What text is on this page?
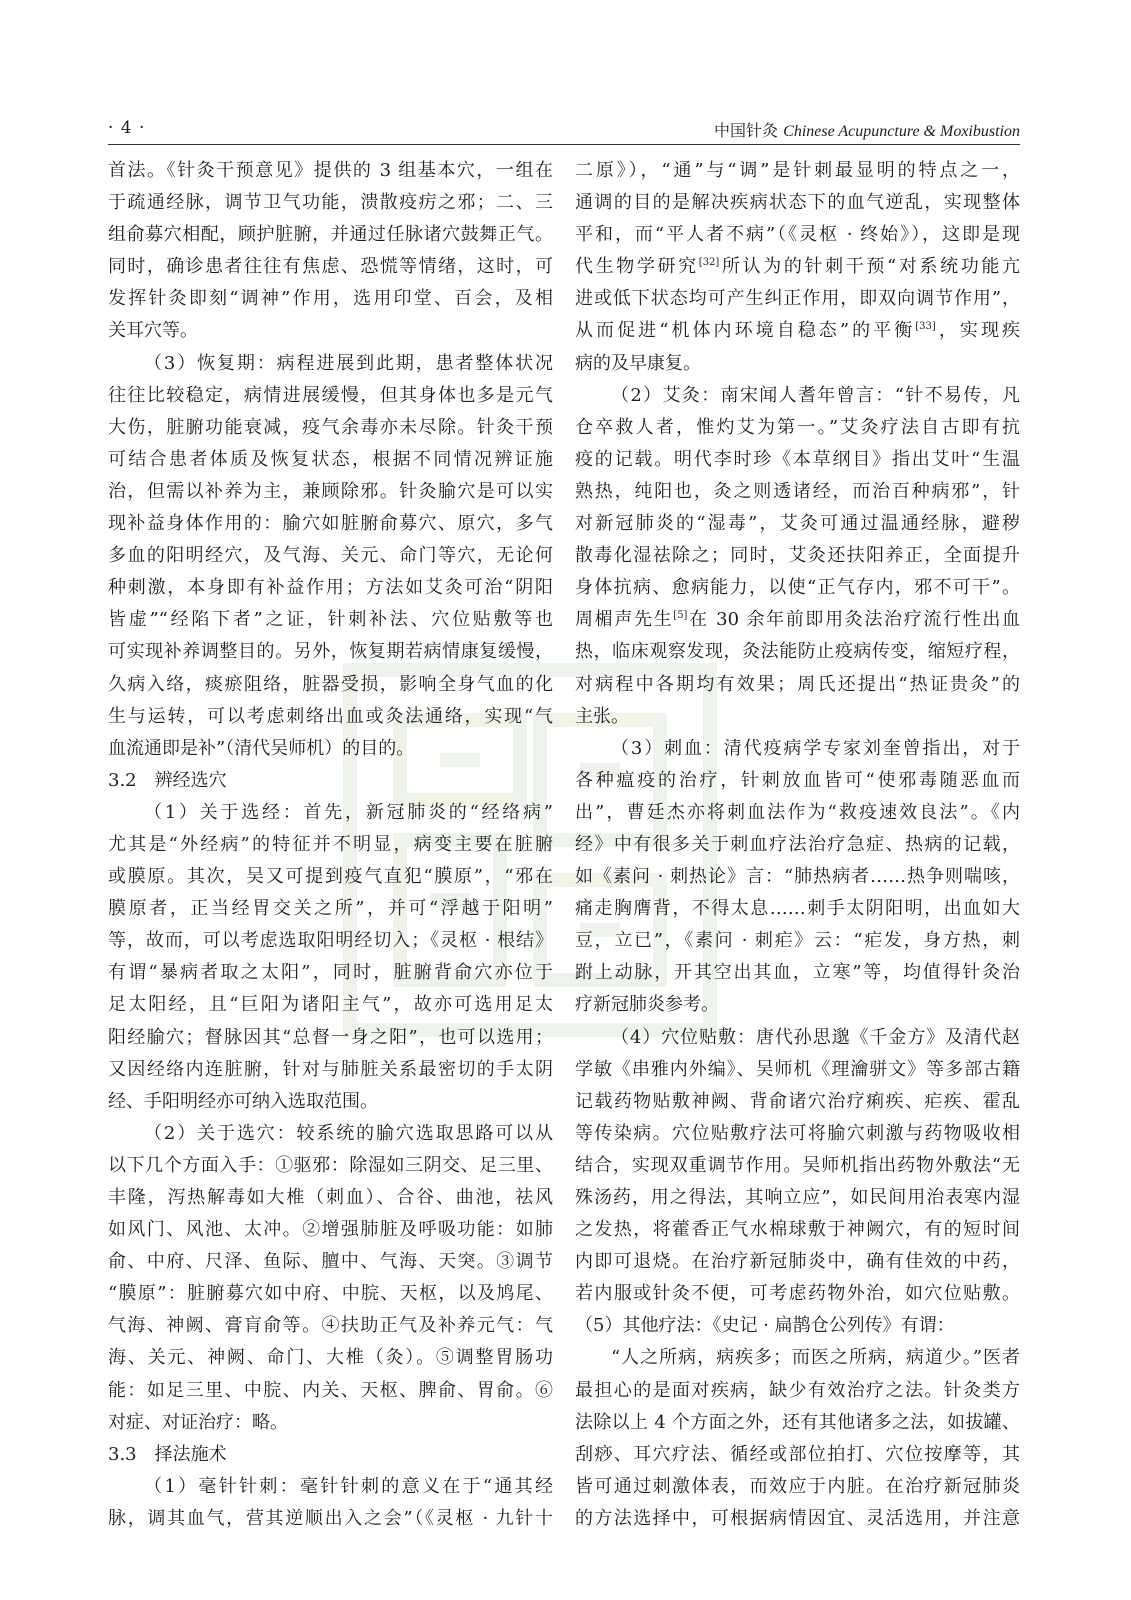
· 4 ·	中国针灸 Chinese Acupuncture & Moxibustion

首法。《针灸干预意见》提供的 3 组基本穴，一组在

于疏通经脉，调节卫气功能，溃散疫疠之邪；二、三

组俞募穴相配，顾护脏腑，并通过任脉诸穴鼓舞正气。

同时，确诊患者往往有焦虑、恐慌等情绪，这时，可

发挥针灸即刻“调神”作用，选用印堂、百会，及相

关耳穴等。

（3）恢复期：病程进展到此期，患者整体状况

往往比较稳定，病情进展缓慢，但其身体也多是元气

大伤，脏腑功能衰减，疫气余毒亦未尽除。针灸干预

可结合患者体质及恢复状态，根据不同情况辨证施

治，但需以补养为主，兼顾除邪。针灸腧穴是可以实

现补益身体作用的：腧穴如脏腑俞募穴、原穴，多气

多血的阳明经穴，及气海、关元、命门等穴，无论何

种刺激，本身即有补益作用；方法如艾灸可治“阴阳

皆虚”“经陷下者”之证，针刺补法、穴位贴敷等也

可实现补养调整目的。另外，恢复期若病情康复缓慢，

久病入络，痰瘀阻络，脏器受损，影响全身气血的化

生与运转，可以考虑刺络出血或灸法通络，实现“气

血流通即是补”（清代吴师机）的目的。

3.2　辨经选穴

（1）关于选经：首先，新冠肺炎的“经络病”

尤其是“外经病”的特征并不明显，病变主要在脏腑

或膜原。其次，吴又可提到疫气直犯“膜原”，“邪在

膜原者，正当经胃交关之所”，并可“浮越于阳明”

等，故而，可以考虑选取阳明经切入；《灵枢 · 根结》

有谓“暴病者取之太阳”，同时，脏腑背俞穴亦位于

足太阳经，且“巨阳为诸阳主气”，故亦可选用足太

阳经腧穴；督脉因其“总督一身之阳”，也可以选用；

又因经络内连脏腑，针对与肺脏关系最密切的手太阴

经、手阳明经亦可纳入选取范围。

（2）关于选穴：较系统的腧穴选取思路可以从

以下几个方面入手：①驱邪：除湿如三阴交、足三里、

丰隆，泻热解毒如大椎（刺血）、合谷、曲池，祛风

如风门、风池、太冲。②增强肺脏及呼吸功能：如肺

俞、中府、尺泽、鱼际、膻中、气海、天突。③调节

“膜原”：脏腑募穴如中府、中脘、天枢，以及鸠尾、

气海、神阙、膏肓俞等。④扶助正气及补养元气：气

海、关元、神阙、命门、大椎（灸）。⑤调整胃肠功

能：如足三里、中脘、内关、天枢、脾俞、胃俞。⑥

对症、对证治疗：略。

3.3　择法施术

（1）毫针针刺：毫针针刺的意义在于“通其经

脉，调其血气，营其逆顺出入之会”（《灵枢 · 九针十

二原》），“通”与“调”是针刺最显明的特点之一，

通调的目的是解决疾病状态下的血气逆乱，实现整体

平和，而“平人者不病”（《灵枢 · 终始》），这即是现

代生物学研究[32]所认为的针刺干预“对系统功能亢

进或低下状态均可产生纠正作用，即双向调节作用”，

从而促进“机体内环境自稳态”的平衡[33]，实现疾

病的及早康复。

（2）艾灸：南宋闻人耆年曾言：“针不易传，凡

仓卒救人者，惟灼艾为第一。”艾灸疗法自古即有抗

疫的记载。明代李时珍《本草纲目》指出艾叶“生温

熟热，纯阳也，灸之则透诸经，而治百种病邪”，针

对新冠肺炎的“湿毒”，艾灸可通过温通经脉，避秽

散毒化湿祛除之；同时，艾灸还扶阳养正，全面提升

身体抗病、愈病能力，以使“正气存内，邪不可干”。

周楣声先生[5]在 30 余年前即用灸法治疗流行性出血

热，临床观察发现，灸法能防止疫病传变，缩短疗程，

对病程中各期均有效果；周氏还提出“热证贵灸”的

主张。

（3）刺血：清代疫病学专家刘奎曾指出，对于

各种瘟疫的治疗，针刺放血皆可“使邪毒随恶血而

出”，曹廷杰亦将刺血法作为“救疫速效良法”。《内

经》中有很多关于刺血疗法治疗急症、热病的记载，

如《素问 · 刺热论》言：“肺热病者……热争则喘咳，

痛走胸膺背，不得太息……刺手太阴阳明，出血如大

豆，立已”，《素问 · 刺疟》云：“疟发，身方热，刺

跗上动脉，开其空出其血，立寒”等，均值得针灸治

疗新冠肺炎参考。

（4）穴位贴敷：唐代孙思邈《千金方》及清代赵

学敏《串雅内外编》、吴师机《理瀹骈文》等多部古籍

记载药物贴敷神阙、背俞诸穴治疗痢疾、疟疾、霍乱

等传染病。穴位贴敷疗法可将腧穴刺激与药物吸收相

结合，实现双重调节作用。吴师机指出药物外敷法“无

殊汤药，用之得法，其响立应”，如民间用治表寒内湿

之发热，将藿香正气水棉球敷于神阙穴，有的短时间

内即可退烧。在治疗新冠肺炎中，确有佳效的中药，

若内服或针灸不便，可考虑药物外治，如穴位贴敷。

（5）其他疗法：《史记 · 扁鹊仓公列传》有谓：

“人之所病，病疾多；而医之所病，病道少。”医者

最担心的是面对疾病，缺少有效治疗之法。针灸类方

法除以上 4 个方面之外，还有其他诸多之法，如拔罐、

刮痧、耳穴疗法、循经或部位拍打、穴位按摩等，其

皆可通过刺激体表，而效应于内脏。在治疗新冠肺炎

的方法选择中，可根据病情因宜、灵活选用，并注意
